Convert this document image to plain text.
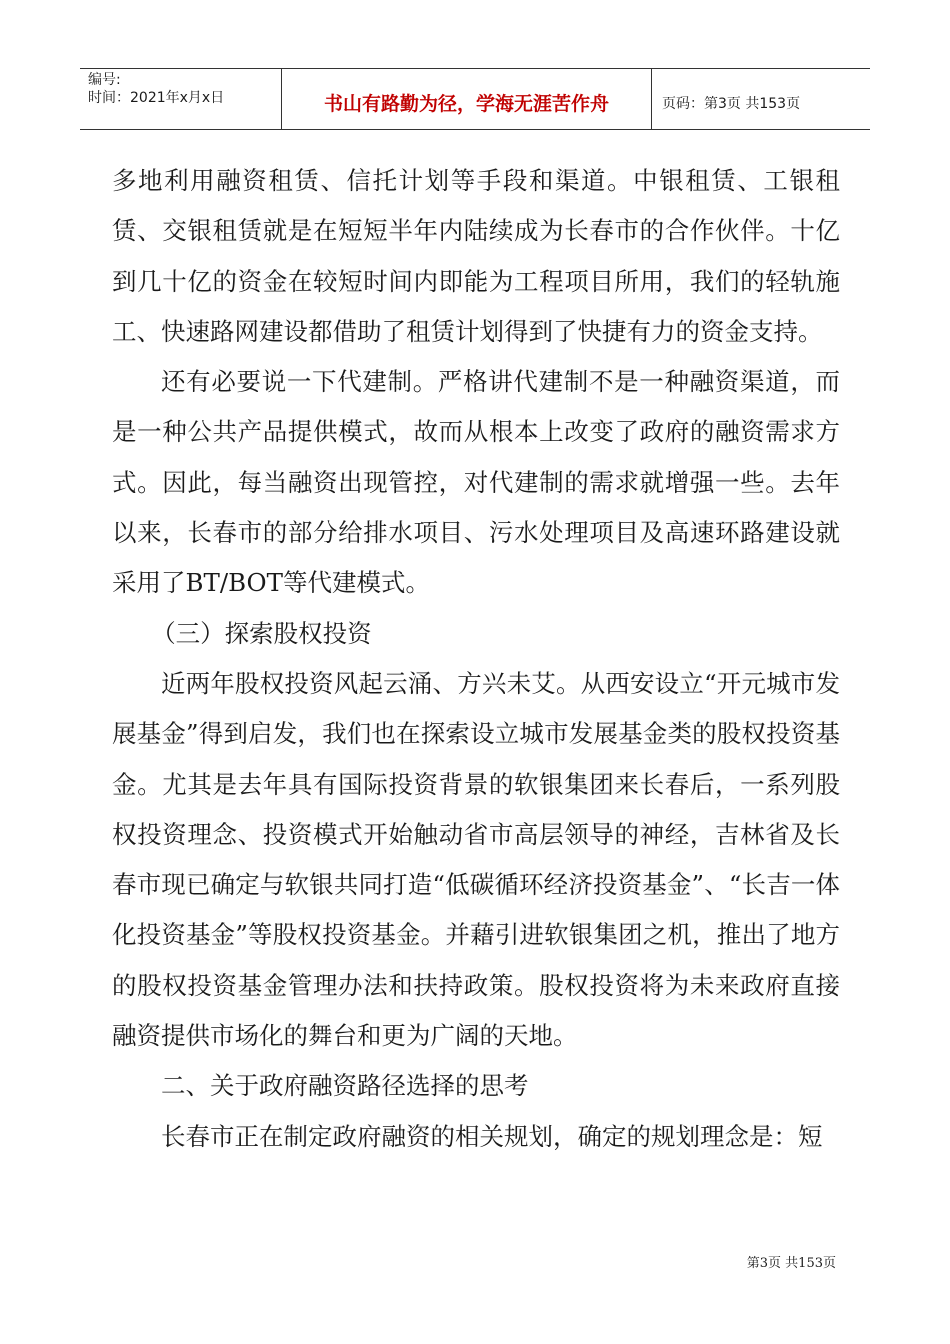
编号:
时间：2021年x月x日	书山有路勤为径，学海无涯苦作舟	页码：第3页 共153页

多地利用融资租赁、信托计划等手段和渠道。中银租赁、工银租赁、交银租赁就是在短短半年内陆续成为长春市的合作伙伴。十亿到几十亿的资金在较短时间内即能为工程项目所用，我们的轻轨施工、快速路网建设都借助了租赁计划得到了快捷有力的资金支持。

还有必要说一下代建制。严格讲代建制不是一种融资渠道，而是一种公共产品提供模式，故而从根本上改变了政府的融资需求方式。因此，每当融资出现管控，对代建制的需求就增强一些。去年以来，长春市的部分给排水项目、污水处理项目及高速环路建设就采用了BT/BOT等代建模式。

（三）探索股权投资

近两年股权投资风起云涌、方兴未艾。从西安设立“开元城市发展基金”得到启发，我们也在探索设立城市发展基金类的股权投资基金。尤其是去年具有国际投资背景的软银集团来长春后，一系列股权投资理念、投资模式开始触动省市高层领导的神经，吉林省及长春市现已确定与软银共同打造“低碳循环经济投资基金”、“长吉一体化投资基金”等股权投资基金。并藉引进软银集团之机，推出了地方的股权投资基金管理办法和扶持政策。股权投资将为未来政府直接融资提供市场化的舞台和更为广阔的天地。

二、关于政府融资路径选择的思考

长春市正在制定政府融资的相关规划，确定的规划理念是：短

第3页 共153页
